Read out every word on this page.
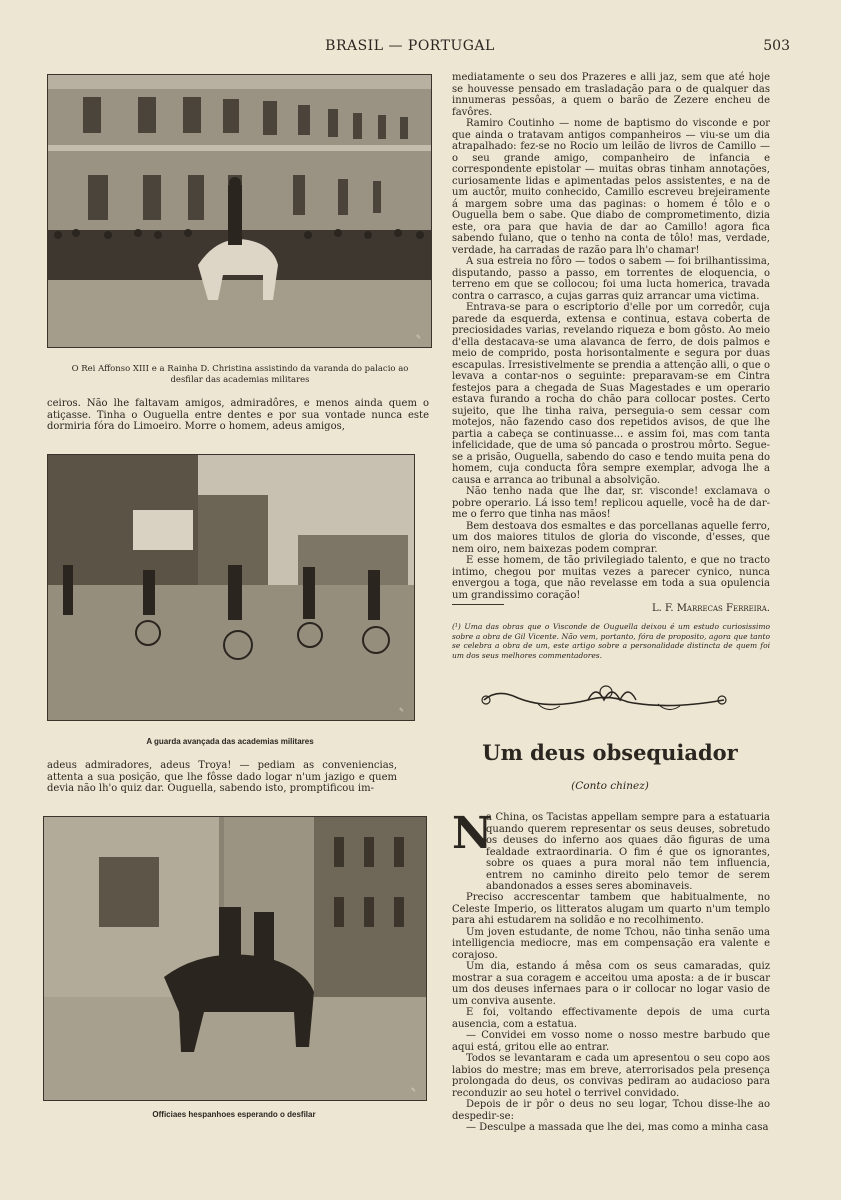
BRASIL — PORTUGAL	503
✎
O Rei Affonso XIII e a Rainha D. Christina assistindo da varanda do palacio ao desfilar das academias militares

ceiros. Não lhe faltavam amigos, admiradôres, e menos ainda quem o atiçasse. Tinha o Ouguella entre dentes e por sua vontade nunca este dormiria fóra do Limoeiro. Morre o homem, adeus amigos,

✎
A guarda avançada das academias militares

adeus admiradores, adeus Troya! — pediam as conveniencias, attenta a sua posição, que lhe fôsse dado logar n'um jazigo e quem devia não lh'o quiz dar. Ouguella, sabendo isto, promptificou im-

✎
Officiaes hespanhoes esperando o desfilar

mediatamente o seu dos Prazeres e alli jaz, sem que até hoje se houvesse pensado em trasladação para o de qualquer das innumeras pessôas, a quem o barão de Zezere encheu de favôres.

Ramiro Coutinho — nome de baptismo do visconde e por que ainda o tratavam antigos companheiros — viu-se um dia atrapalhado: fez-se no Rocio um leilão de livros de Camillo — o seu grande amigo, companheiro de infancia e correspondente epistolar — muitas obras tinham annotações, curiosamente lidas e apimentadas pelos assistentes, e na de um auctôr, muito conhecido, Camillo escreveu brejeiramente á margem sobre uma das paginas: o homem é tôlo e o Ouguella bem o sabe. Que diabo de comprometimento, dizia este, ora para que havia de dar ao Camillo! agora fica sabendo fulano, que o tenho na conta de tôlo! mas, verdade, verdade, ha carradas de razão para lh'o chamar!

A sua estreia no fôro — todos o sabem — foi brilhantissima, disputando, passo a passo, em torrentes de eloquencia, o terreno em que se collocou; foi uma lucta homerica, travada contra o carrasco, a cujas garras quiz arrancar uma victima.

Entrava-se para o escriptorio d'elle por um corredôr, cuja parede da esquerda, extensa e continua, estava coberta de preciosidades varias, revelando riqueza e bom gôsto. Ao meio d'ella destacava-se uma alavanca de ferro, de dois palmos e meio de comprido, posta horisontalmente e segura por duas escapulas. Irresistivelmente se prendia a attenção alli, o que o levava a contar-nos o seguinte: preparavam-se em Cintra festejos para a chegada de Suas Magestades e um operario estava furando a rocha do chão para collocar postes. Certo sujeito, que lhe tinha raiva, perseguia-o sem cessar com motejos, não fazendo caso dos repetidos avisos, de que lhe partia a cabeça se continuasse... e assim foi, mas com tanta infelicidade, que de uma só pancada o prostrou môrto. Segue-se a prisão, Ouguella, sabendo do caso e tendo muita pena do homem, cuja conducta fôra sempre exemplar, advoga lhe a causa e arranca ao tribunal a absolvição.

Não tenho nada que lhe dar, sr. visconde! exclamava o pobre operario. Lá isso tem! replicou aquelle, você ha de dar-me o ferro que tinha nas mãos!

Bem destoava dos esmaltes e das porcellanas aquelle ferro, um dos maiores titulos de gloria do visconde, d'esses, que nem oiro, nem baixezas podem comprar.

E esse homem, de tão privilegiado talento, e que no tracto intimo, chegou por muitas vezes a parecer cynico, nunca envergou a toga, que não revelasse em toda a sua opulencia um grandissimo coração!

L. F. Marrecas Ferreira.
(¹) Uma das obras que o Visconde de Ouguella deixou é um estudo curiosissimo sobre a obra de Gil Vicente. Não vem, portanto, fóra de proposito, agora que tanto se celebra a obra de um, este artigo sobre a personalidade distincta de quem foi um dos seus melhores commentadores.
Um deus obsequiador
(Conto chinez)
N

a China, os Tacistas appellam sempre para a estatuaria quando querem representar os seus deuses, sobretudo os deuses do inferno aos quaes dão figuras de uma fealdade extraordinaria. O fim é que os ignorantes, sobre os quaes a pura moral não tem influencia, entrem no caminho direito pelo temor de serem abandonados a esses seres abominaveis.

Preciso accrescentar tambem que habitualmente, no Celeste Imperio, os litteratos alugam um quarto n'um templo para ahi estudarem na solidão e no recolhimento.

Um joven estudante, de nome Tchou, não tinha senão uma intelligencia mediocre, mas em compensação era valente e corajoso.

Um dia, estando á mêsa com os seus camaradas, quiz mostrar a sua coragem e acceitou uma aposta: a de ir buscar um dos deuses infernaes para o ir collocar no logar vasio de um conviva ausente.

E foi, voltando effectivamente depois de uma curta ausencia, com a estatua.

— Convidei em vosso nome o nosso mestre barbudo que aqui está, gritou elle ao entrar.

Todos se levantaram e cada um apresentou o seu copo aos labios do mestre; mas em breve, aterrorisados pela presença prolongada do deus, os convivas pediram ao audacioso para reconduzir ao seu hotel o terrivel convidado.

Depois de ir pôr o deus no seu logar, Tchou disse-lhe ao despedir-se:

— Desculpe a massada que lhe dei, mas como a minha casa
